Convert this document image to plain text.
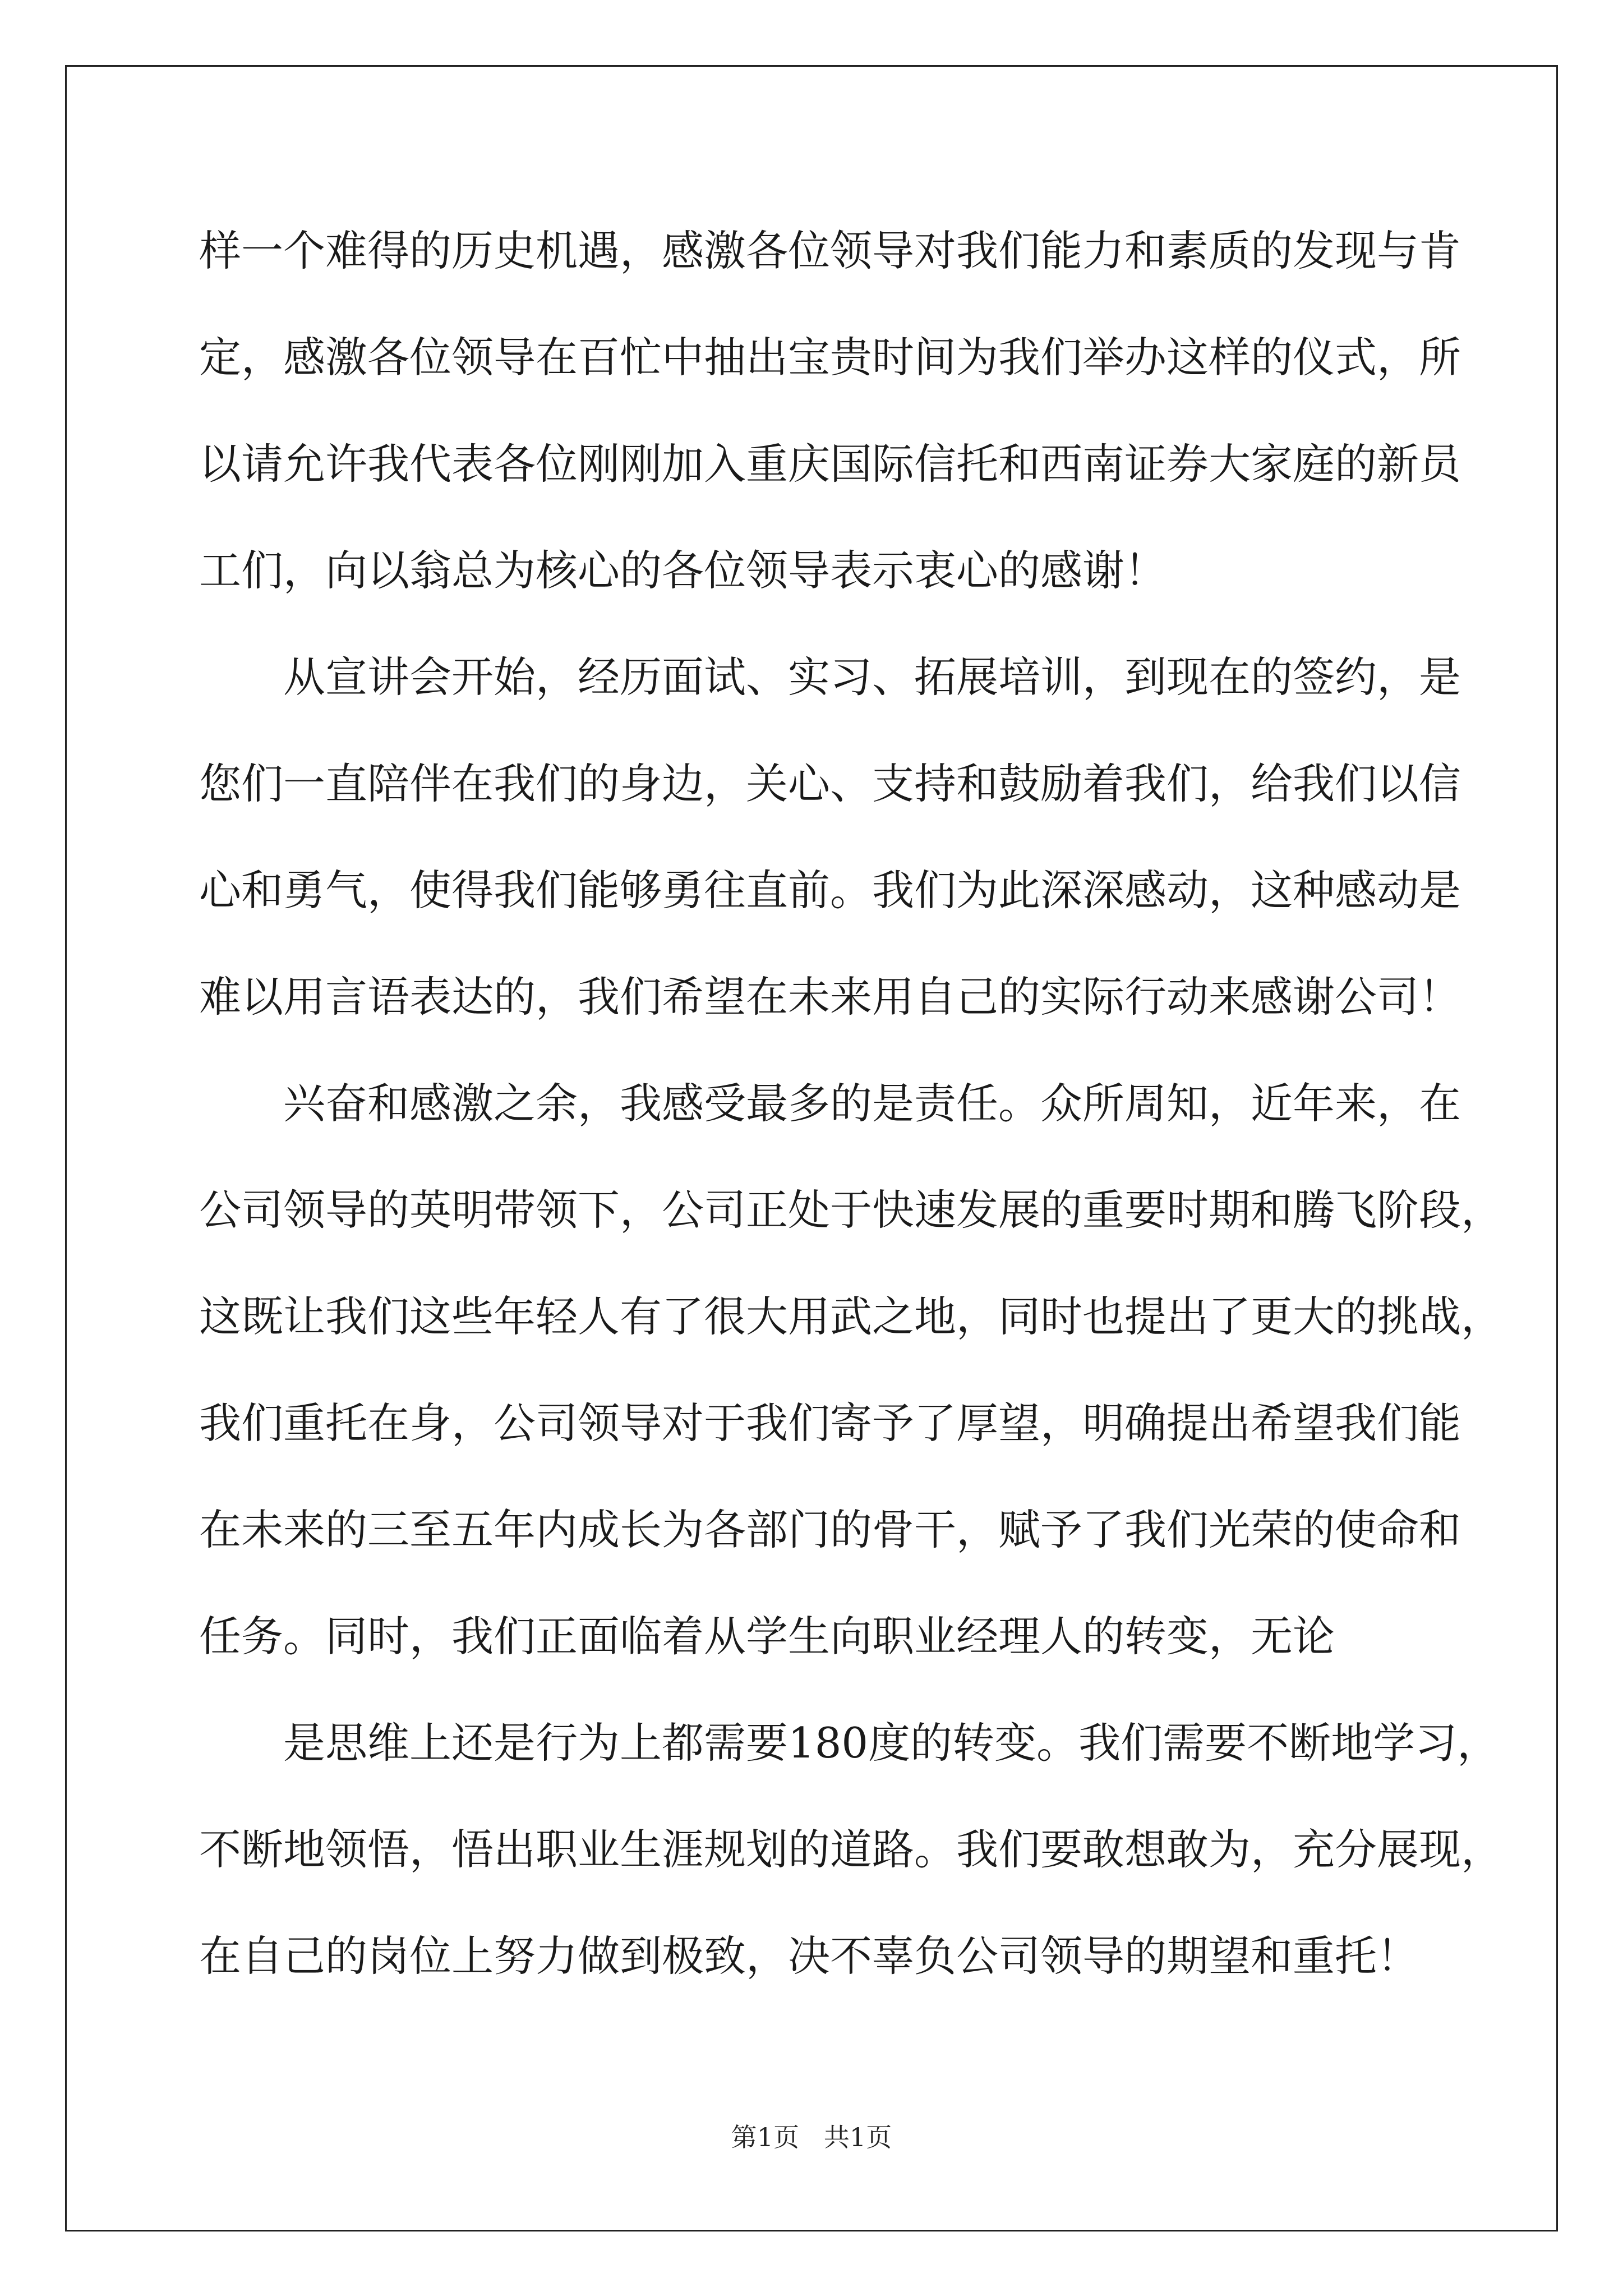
样一个难得的历史机遇，感激各位领导对我们能力和素质的发现与肯
定，感激各位领导在百忙中抽出宝贵时间为我们举办这样的仪式，所
以请允许我代表各位刚刚加入重庆国际信托和西南证券大家庭的新员
工们，向以翁总为核心的各位领导表示衷心的感谢！
从宣讲会开始，经历面试、实习、拓展培训，到现在的签约，是
您们一直陪伴在我们的身边，关心、支持和鼓励着我们，给我们以信
心和勇气，使得我们能够勇往直前。我们为此深深感动，这种感动是
难以用言语表达的，我们希望在未来用自己的实际行动来感谢公司！
兴奋和感激之余，我感受最多的是责任。众所周知，近年来，在
公司领导的英明带领下，公司正处于快速发展的重要时期和腾飞阶段，
这既让我们这些年轻人有了很大用武之地，同时也提出了更大的挑战，
我们重托在身，公司领导对于我们寄予了厚望，明确提出希望我们能
在未来的三至五年内成长为各部门的骨干，赋予了我们光荣的使命和
任务。同时，我们正面临着从学生向职业经理人的转变，无论
是思维上还是行为上都需要180度的转变。我们需要不断地学习，
不断地领悟，悟出职业生涯规划的道路。我们要敢想敢为，充分展现，
在自己的岗位上努力做到极致，决不辜负公司领导的期望和重托！
第1页   共1页
